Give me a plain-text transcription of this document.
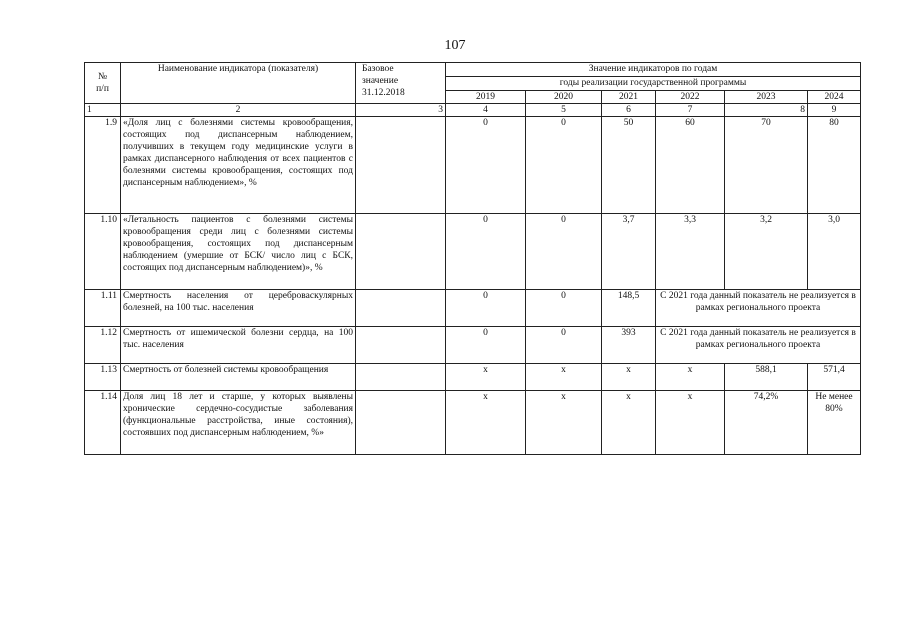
107
№
п/п	Наименование индикатора (показателя)	Базовое
значение
31.12.2018	Значение индикаторов по годам					
			годы реализации государственной программы					
			2019	2020	2021	2022	2023	2024
1	2	3	4	5	6	7	8	9
1.9	«Доля лиц с болезнями системы кровообращения, состоящих под диспансерным наблюдением, получивших в текущем году медицинские услуги в рамках диспансерного наблюдения от всех пациентов с болезнями системы кровообращения, состоящих под диспансерным наблюдением», %		0	0	50	60	70	80
1.10	«Летальность пациентов с болезнями системы кровообращения среди лиц с болезнями системы кровообращения, состоящих под диспансерным наблюдением (умершие от БСК/ число лиц с БСК, состоящих под диспансерным наблюдением)», %		0	0	3,7	3,3	3,2	3,0
1.11	Смертность населения от цереброваскулярных болезней, на 100 тыс. населения		0	0	148,5	С 2021 года данный показатель не реализуется в рамках регионального проекта		
1.12	Смертность от ишемической болезни сердца, на 100 тыс. населения		0	0	393	С 2021 года данный показатель не реализуется в рамках регионального проекта		
1.13	Смертность от болезней системы кровообращения		х	х	х	х	588,1	571,4
1.14	Доля лиц 18 лет и старше, у которых выявлены хронические сердечно-сосудистые заболевания (функциональные расстройства, иные состояния), состоявших под диспансерным наблюдением, %»		х	х	х	х	74,2%	Не менее 80%
